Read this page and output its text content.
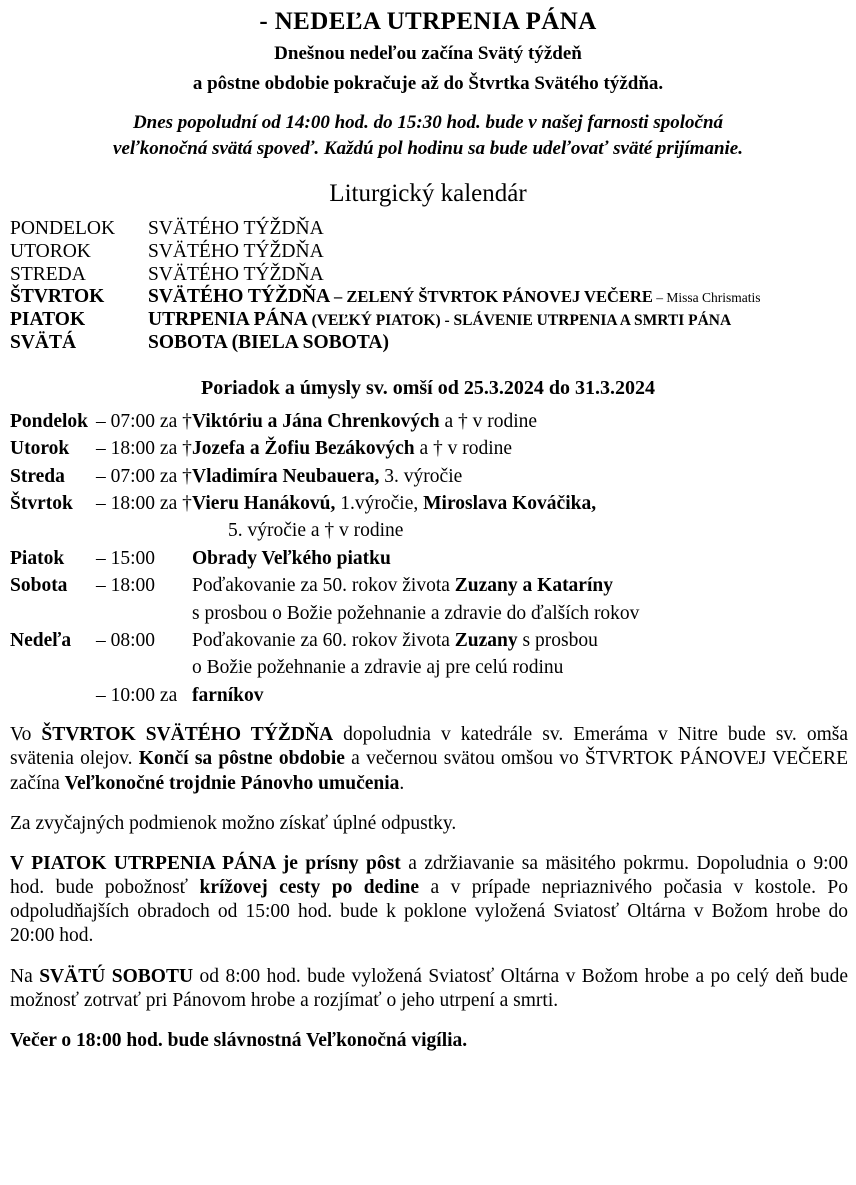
- NEDEĽA UTRPENIA PÁNA
Dnešnou nedeľou začína Svätý týždeň
a pôstne obdobie pokračuje až do Štvrtka Svätého týždňa.
Dnes popoludní od 14:00 hod. do 15:30 hod. bude v našej farnosti spoločná
veľkonočná svätá spoveď. Každú pol hodinu sa bude udeľovať sväté prijímanie.
Liturgický kalendár
PONDELOK	SVÄTÉHO TÝŽDŇA
UTOROK	SVÄTÉHO TÝŽDŇA
STREDA	SVÄTÉHO TÝŽDŇA
ŠTVRTOK	SVÄTÉHO TÝŽDŇA – ZELENÝ ŠTVRTOK PÁNOVEJ VEČERE – Missa Chrismatis
PIATOK	UTRPENIA PÁNA (VEĽKÝ PIATOK) - SLÁVENIE UTRPENIA A SMRTI PÁNA
SVÄTÁ	SOBOTA (BIELA SOBOTA)
Poriadok a úmysly sv. omší od 25.3.2024 do 31.3.2024
Pondelok – 07:00 za † Viktóriu a Jána Chrenkových a † v rodine
Utorok	– 18:00 za † Jozefa a Žofiu Bezákových a † v rodine
Streda	– 07:00 za † Vladimíra Neubauera, 3. výročie
Štvrtok	– 18:00 za † Vieru Hanákovú, 1.výročie, Miroslava Kováčika,
5. výročie a † v rodine
Piatok	– 15:00	Obrady Veľkého piatku
Sobota	– 18:00	Poďakovanie za 50. rokov života Zuzany a Kataríny
s prosbou o Božie požehnanie a zdravie do ďalších rokov
Nedeľa	– 08:00	Poďakovanie za 60. rokov života Zuzany s prosbou
o Božie požehnanie a zdravie aj pre celú rodinu
– 10:00 za farníkov
Vo ŠTVRTOK SVÄTÉHO TÝŽDŇA dopoludnia v katedrále sv. Emeráma v Nitre bude sv. omša svätenia olejov. Končí sa pôstne obdobie a večernou svätou omšou vo ŠTVRTOK PÁNOVEJ VEČERE začína Veľkonočné trojdnie Pánovho umučenia.
Za zvyčajných podmienok možno získať úplné odpustky.
V PIATOK UTRPENIA PÁNA je prísny pôst a zdržiavanie sa mäsitého pokrmu. Dopoludnia o 9:00 hod. bude pobožnosť krížovej cesty po dedine a v prípade nepriaznivého počasia v kostole. Po odpoludňajších obradoch od 15:00 hod. bude k poklone vyložená Sviatosť Oltárna v Božom hrobe do 20:00 hod.
Na SVÄTÚ SOBOTU od 8:00 hod. bude vyložená Sviatosť Oltárna v Božom hrobe a po celý deň bude možnosť zotrvať pri Pánovom hrobe a rozjímať o jeho utrpení a smrti.
Večer o 18:00 hod. bude slávnostná Veľkonočná vigília.
